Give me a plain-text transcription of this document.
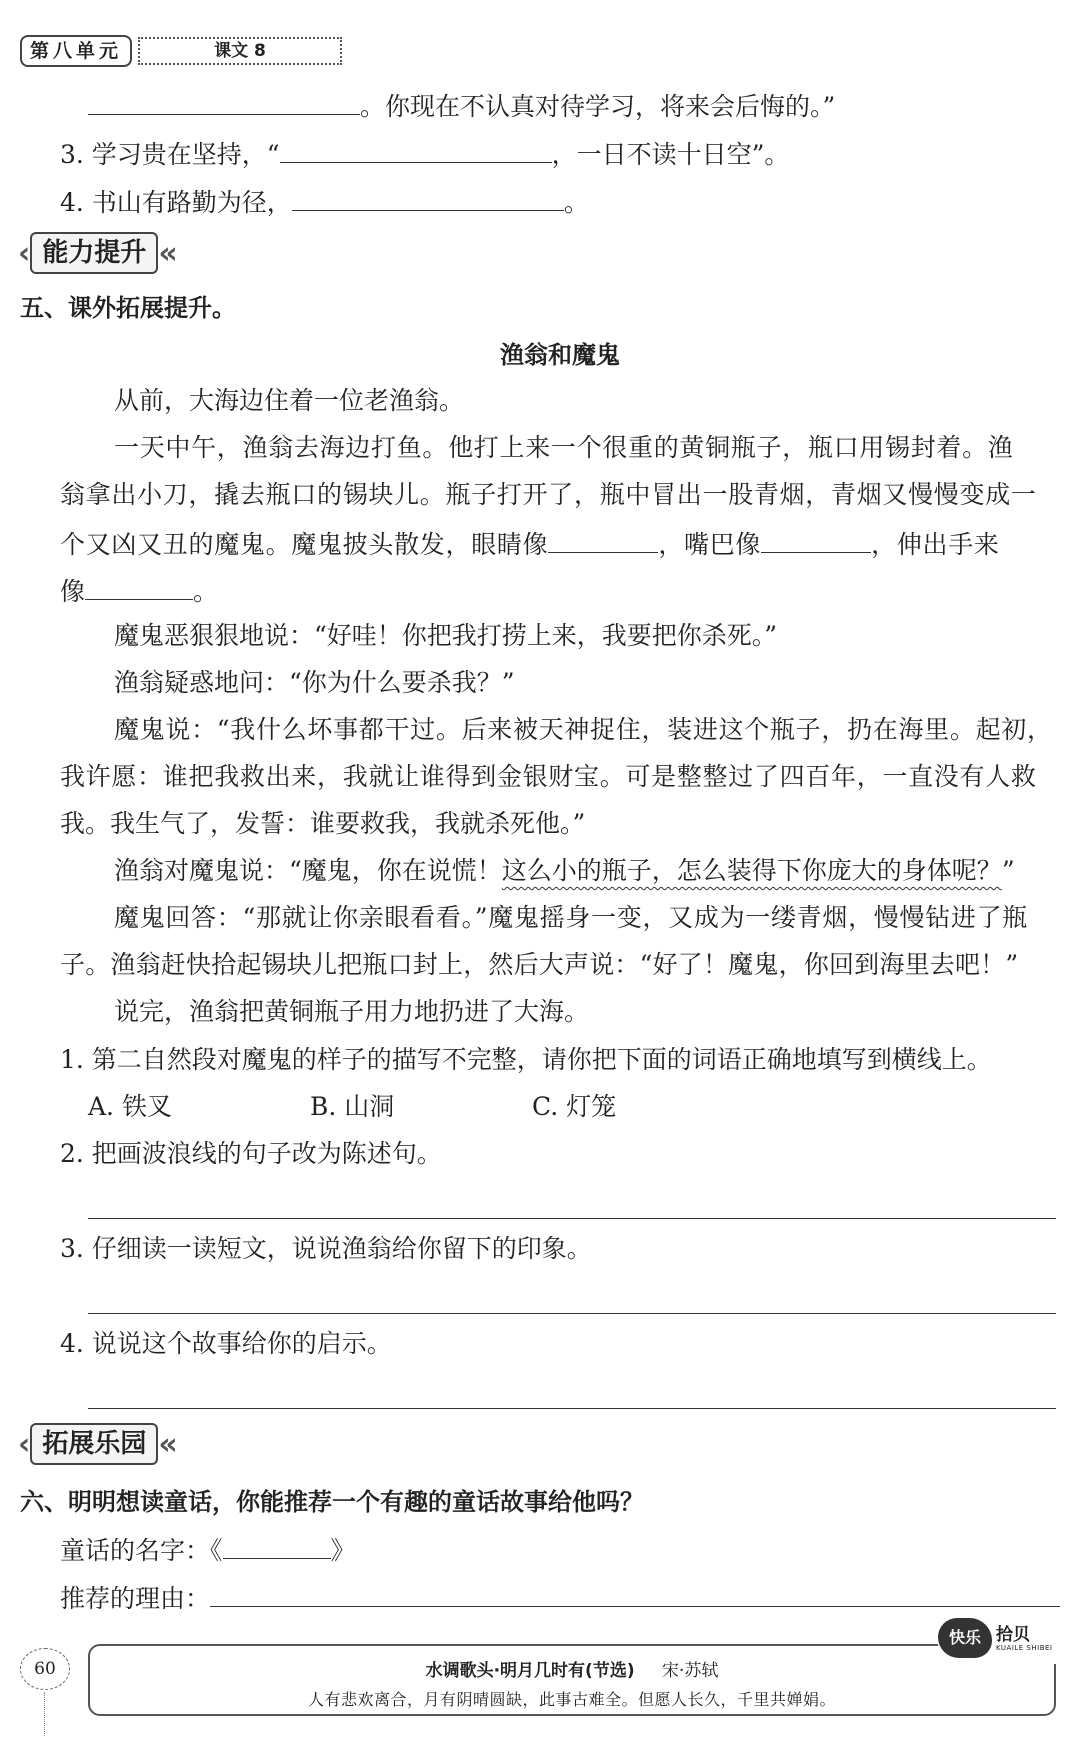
第八单元	课文 8
。你现在不认真对待学习，将来会后悔的。”
3. 学习贵在坚持，“	，一日不读十日空”。
4. 书山有路勤为径，	。
‹ 能力提升 «
五、课外拓展提升。
渔翁和魔鬼
从前，大海边住着一位老渔翁。
一天中午，渔翁去海边打鱼。他打上来一个很重的黄铜瓶子，瓶口用锡封着。渔
翁拿出小刀，撬去瓶口的锡块儿。瓶子打开了，瓶中冒出一股青烟，青烟又慢慢变成一
个又凶又丑的魔鬼。魔鬼披头散发，眼睛像	，嘴巴像	，伸出手来
像	。
魔鬼恶狠狠地说：“好哇！你把我打捞上来，我要把你杀死。”
渔翁疑惑地问：“你为什么要杀我？”
魔鬼说：“我什么坏事都干过。后来被天神捉住，装进这个瓶子，扔在海里。起初，
我许愿：谁把我救出来，我就让谁得到金银财宝。可是整整过了四百年，一直没有人救
我。我生气了，发誓：谁要救我，我就杀死他。”
渔翁对魔鬼说：“魔鬼，你在说慌！这么小的瓶子，怎么装得下你庞大的身体呢？”
魔鬼回答：“那就让你亲眼看看。”魔鬼摇身一变，又成为一缕青烟，慢慢钻进了瓶
子。渔翁赶快拾起锡块儿把瓶口封上，然后大声说：“好了！魔鬼，你回到海里去吧！”
说完，渔翁把黄铜瓶子用力地扔进了大海。
1. 第二自然段对魔鬼的样子的描写不完整，请你把下面的词语正确地填写到横线上。
A. 铁叉	B. 山洞	C. 灯笼
2. 把画波浪线的句子改为陈述句。
3. 仔细读一读短文，说说渔翁给你留下的印象。
4. 说说这个故事给你的启示。
‹ 拓展乐园 «
六、明明想读童话，你能推荐一个有趣的童话故事给他吗？
童话的名字：《	》
推荐的理由：
60	水调歌头·明月几时有(节选) 宋·苏轼
人有悲欢离合，月有阴晴圆缺，此事古难全。但愿人长久，千里共婵娟。
快乐 拾贝
KUAILE SHIBEI
